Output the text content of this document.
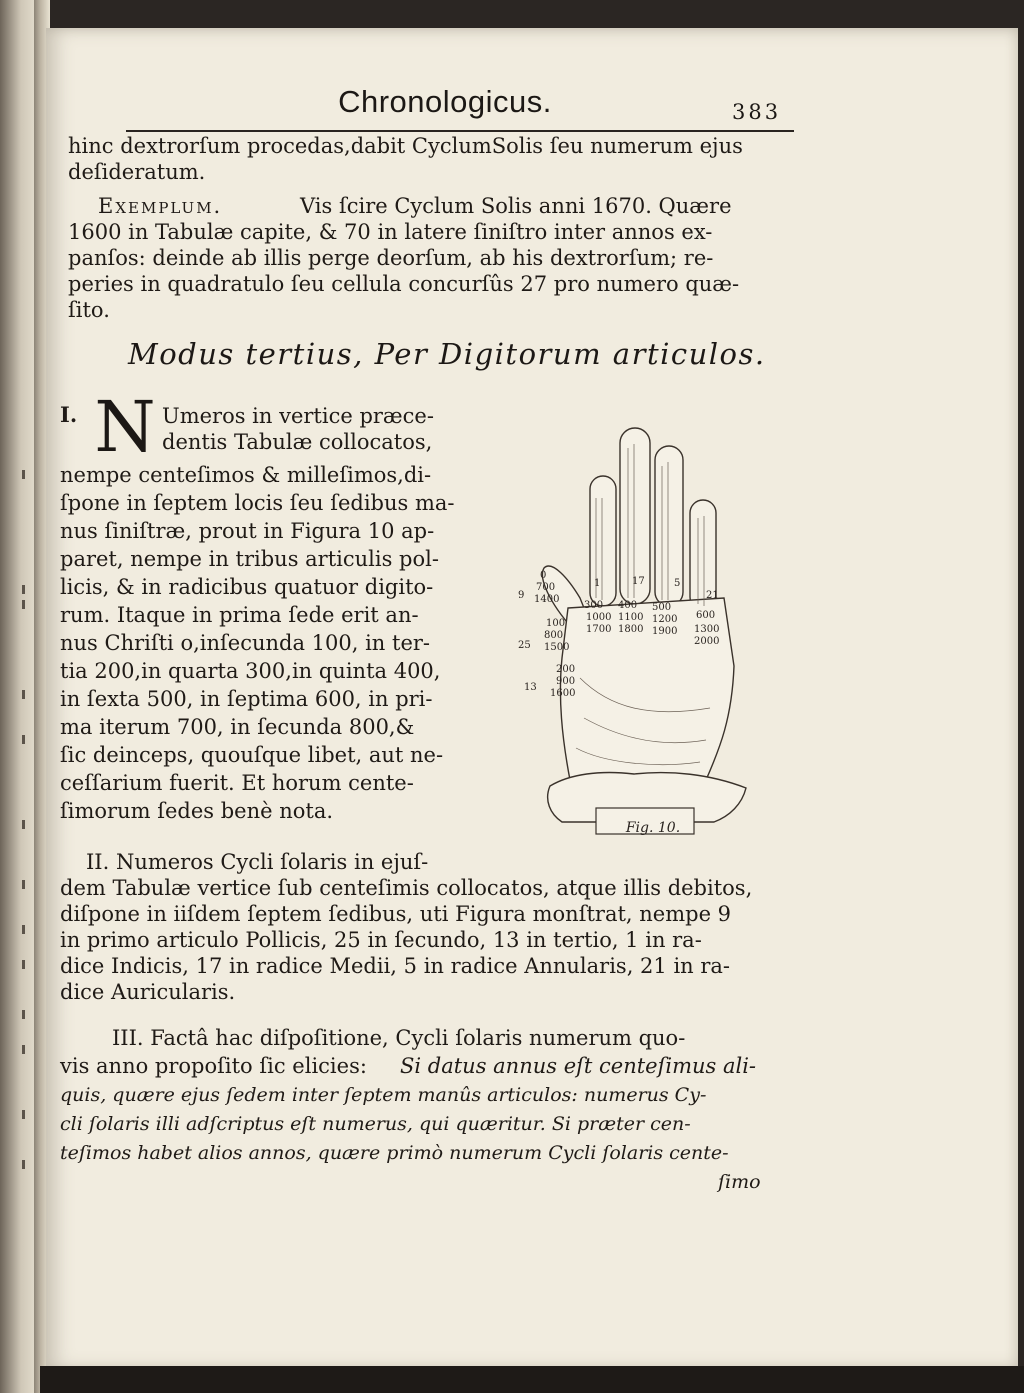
Chronologicus.	383
hinc dextrorſum procedas,dabit CyclumSolis ſeu numerum ejus
deſideratum.
Exemplum.	Vis ſcire Cyclum Solis anni 1670. Quære
1600 in Tabulæ capite, & 70 in latere ſiniſtro inter annos ex-
panſos: deinde ab illis perge deorſum, ab his dextrorſum; re-
peries in quadratulo ſeu cellula concurſûs 27 pro numero quæ-
ſito.
Modus tertius, Per Digitorum articulos.
I. N Umeros in vertice præce-
dentis Tabulæ collocatos,
nempe centeſimos & milleſimos,di-
ſpone in ſeptem locis ſeu ſedibus ma-
nus ſiniſtræ, prout in Figura 10 ap-
paret, nempe in tribus articulis pol-
licis, & in radicibus quatuor digito-
rum. Itaque in prima ſede erit an-
nus Chriſti o,inſecunda 100, in ter-
tia 200,in quarta 300,in quinta 400,
in ſexta 500, in ſeptima 600, in pri-
ma iterum 700, in ſecunda 800,&
ſic deinceps, quouſque libet, aut ne-
ceſſarium fuerit. Et horum cente-
ſimorum ſedes benè nota.
Fig. 10.
9
25
13
1	17	5
21
0
700
1400
100
800
1500
200
900
1600
300
1000
1700
400
1100
1800
500
1200
1900
600
1300
2000
II. Numeros Cycli ſolaris in ejuſ-
dem Tabulæ vertice ſub centeſimis collocatos, atque illis debitos,
diſpone in iiſdem ſeptem ſedibus, uti Figura monſtrat, nempe 9
in primo articulo Pollicis, 25 in ſecundo, 13 in tertio, 1 in ra-
dice Indicis, 17 in radice Medii, 5 in radice Annularis, 21 in ra-
dice Auricularis.
III. Factâ hac diſpoſitione, Cycli ſolaris numerum quo-
vis anno propoſito ſic elicies: Si datus annus eſt centeſimus ali-
quis, quære ejus ſedem inter ſeptem manûs articulos: numerus Cy-
cli ſolaris illi adſcriptus eſt numerus, qui quæritur. Si præter cen-
teſimos habet alios annos, quære primò numerum Cycli ſolaris cente-
ſimo
